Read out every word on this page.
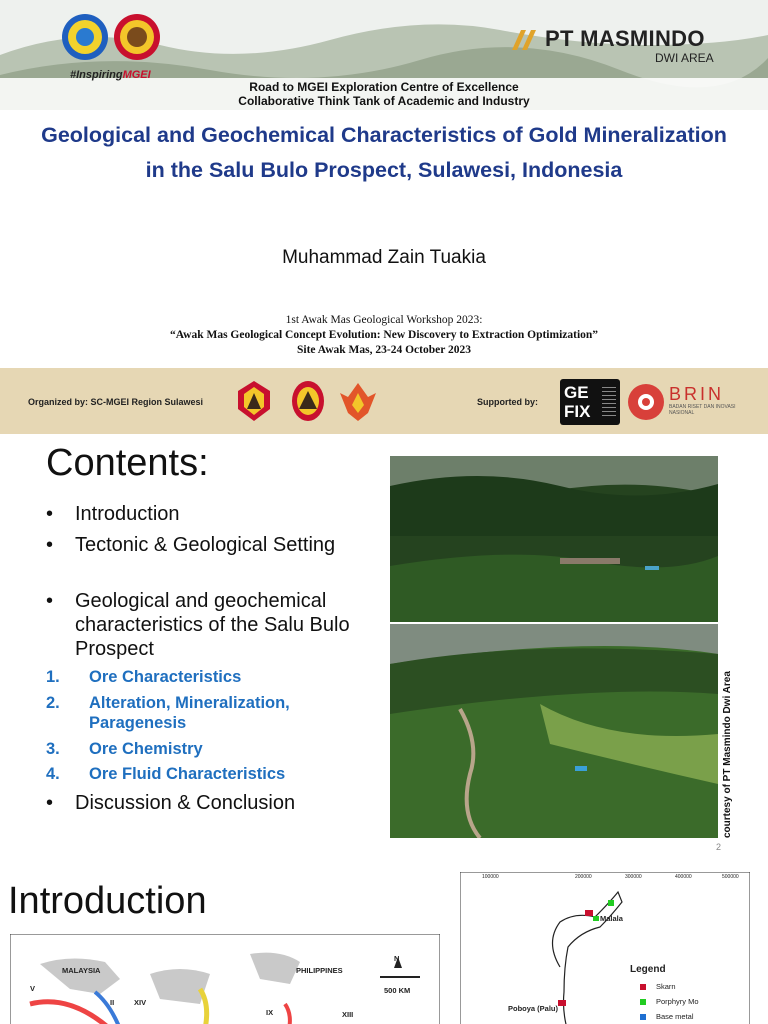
#InspiringMGEI
PT MASMINDO
DWI AREA
Road to MGEI Exploration Centre of Excellence
Collaborative Think Tank of Academic and Industry
Geological and Geochemical Characteristics of Gold Mineralization in the Salu Bulo Prospect, Sulawesi, Indonesia
Muhammad Zain Tuakia
1st Awak Mas Geological Workshop 2023:
“Awak Mas Geological Concept Evolution: New Discovery to Extraction Optimization”
Site Awak Mas, 23-24 October 2023
Organized by: SC-MGEI Region Sulawesi	Supported by: GE FIX
BRIN
BADAN RISET DAN INOVASI NASIONAL
Contents:
• Introduction
• Tectonic & Geological Setting
• Geological and geochemical characteristics of the Salu Bulo Prospect
1. Ore Characteristics
2. Alteration, Mineralization, Paragenesis
3. Ore Chemistry
4. Ore Fluid Characteristics
• Discussion & Conclusion	courtesy of PT Masmindo Dwi Area
2
Introduction
MALAYSIA	PHILIPPINES
N
500 KM
V
II	XIV
IX	XIII
100000	200000	300000	400000	500000
Malala
Poboya (Palu)
Legend
Skarn
Porphyry Mo
Base metal
